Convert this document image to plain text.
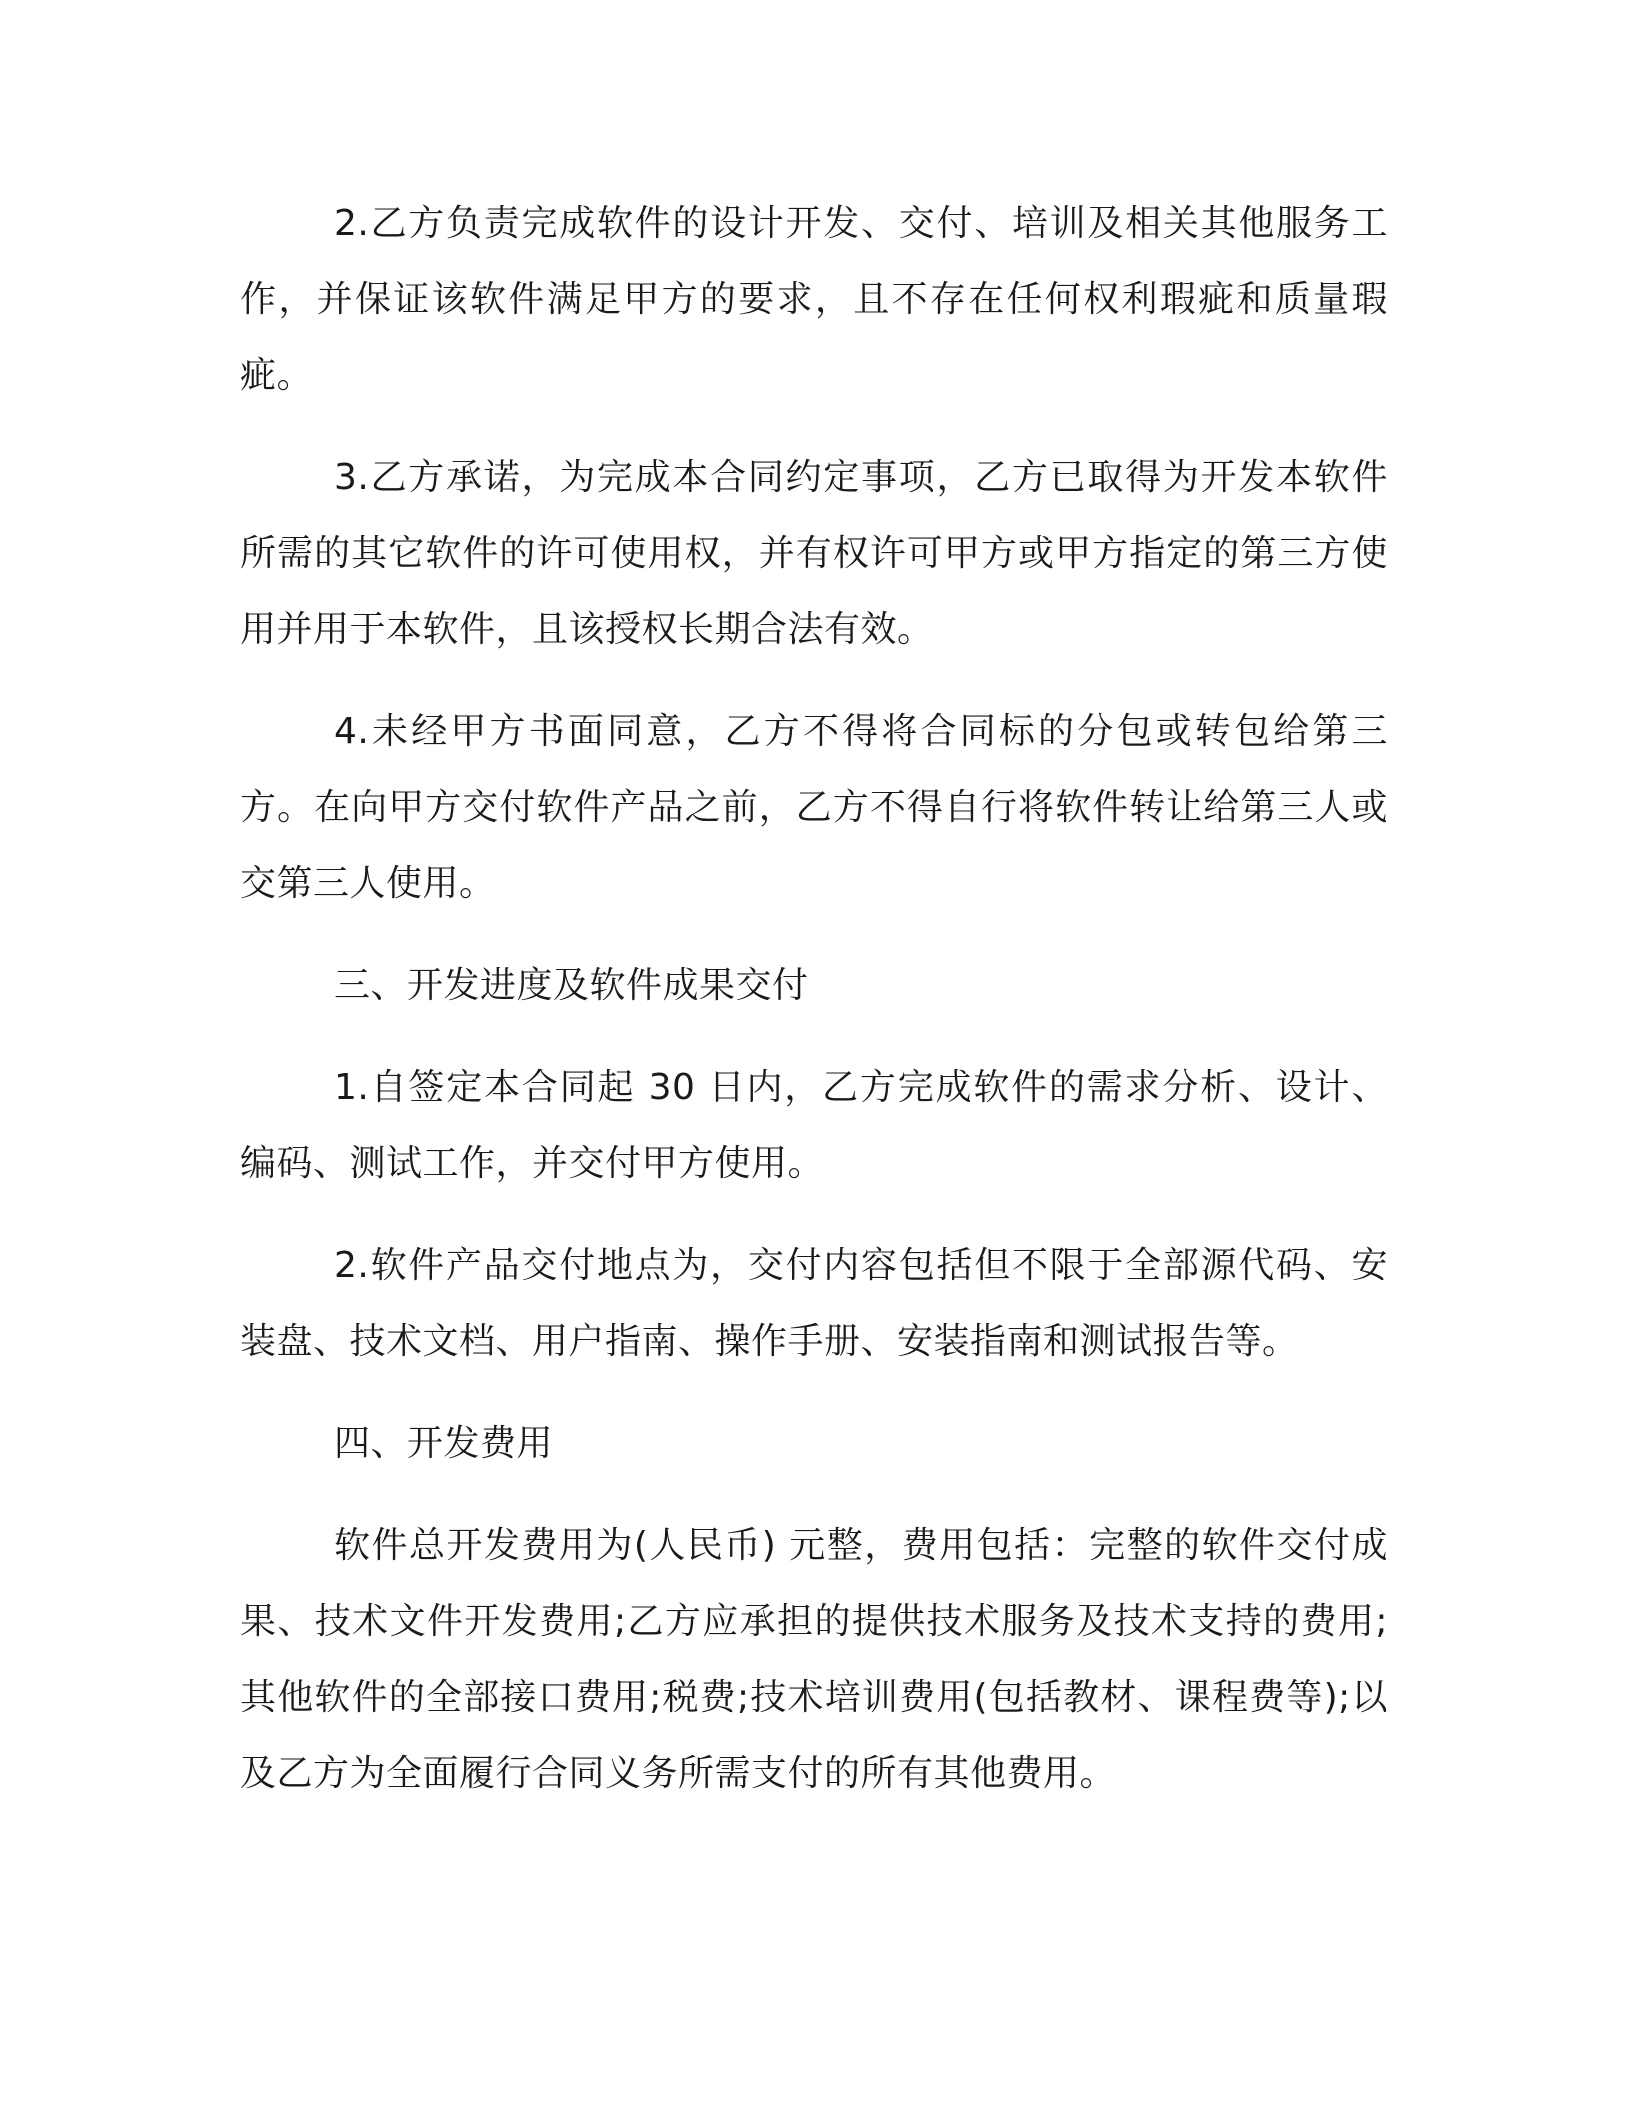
2.乙方负责完成软件的设计开发、交付、培训及相关其他服务工作，并保证该软件满足甲方的要求，且不存在任何权利瑕疵和质量瑕疵。

3.乙方承诺，为完成本合同约定事项，乙方已取得为开发本软件所需的其它软件的许可使用权，并有权许可甲方或甲方指定的第三方使用并用于本软件，且该授权长期合法有效。

4.未经甲方书面同意，乙方不得将合同标的分包或转包给第三方。在向甲方交付软件产品之前，乙方不得自行将软件转让给第三人或交第三人使用。

三、开发进度及软件成果交付

1.自签定本合同起 30 日内，乙方完成软件的需求分析、设计、编码、测试工作，并交付甲方使用。

2.软件产品交付地点为，交付内容包括但不限于全部源代码、安装盘、技术文档、用户指南、操作手册、安装指南和测试报告等。

四、开发费用

软件总开发费用为(人民币) 元整，费用包括：完整的软件交付成果、技术文件开发费用;乙方应承担的提供技术服务及技术支持的费用;其他软件的全部接口费用;税费;技术培训费用(包括教材、课程费等);以及乙方为全面履行合同义务所需支付的所有其他费用。
